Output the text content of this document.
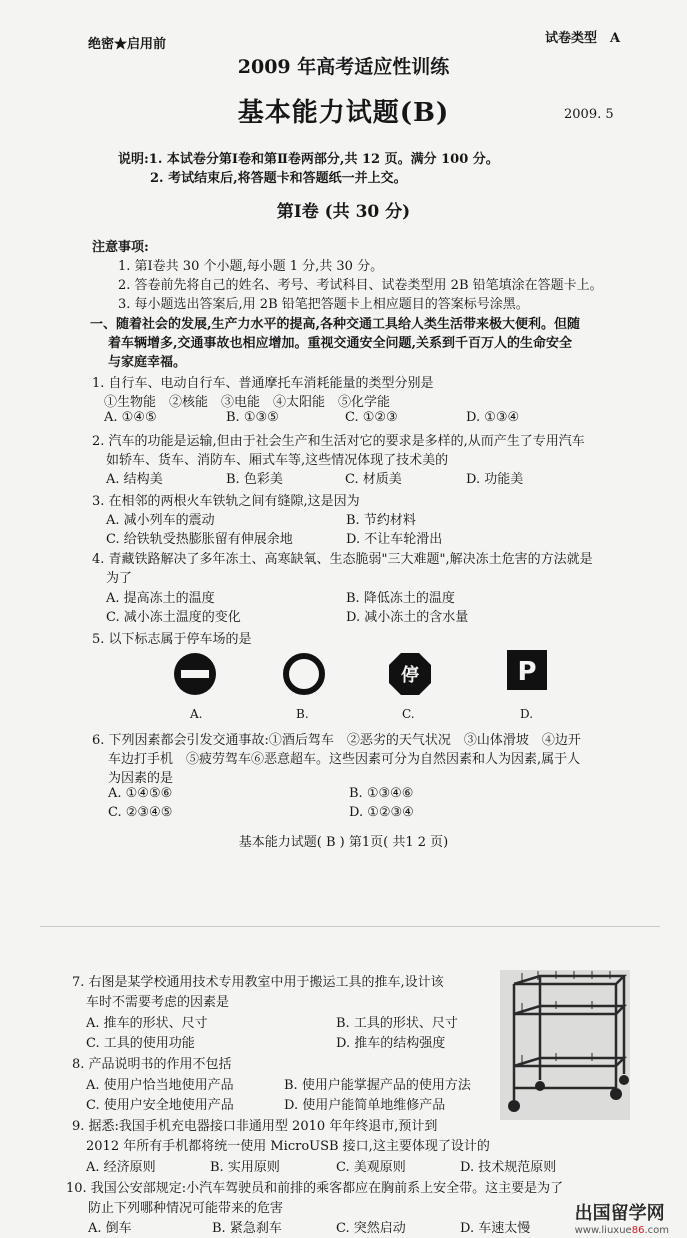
绝密★启用前	试卷类型　A
2009 年高考适应性训练
基本能力试题(B)	2009. 5
说明:1. 本试卷分第Ⅰ卷和第Ⅱ卷两部分,共 12 页。满分 100 分。
2. 考试结束后,将答题卡和答题纸一并上交。
第Ⅰ卷 (共 30 分)
注意事项:
1. 第Ⅰ卷共 30 个小题,每小题 1 分,共 30 分。
2. 答卷前先将自己的姓名、考号、考试科目、试卷类型用 2B 铅笔填涂在答题卡上。
3. 每小题选出答案后,用 2B 铅笔把答题卡上相应题目的答案标号涂黑。
一、随着社会的发展,生产力水平的提高,各种交通工具给人类生活带来极大便利。但随
着车辆增多,交通事故也相应增加。重视交通安全问题,关系到千百万人的生命安全
与家庭幸福。
1. 自行车、电动自行车、普通摩托车消耗能量的类型分别是
①生物能　②核能　③电能　④太阳能　⑤化学能
A. ①④⑤	B. ①③⑤	C. ①②③	D. ①③④
2. 汽车的功能是运输,但由于社会生产和生活对它的要求是多样的,从而产生了专用汽车
如轿车、货车、消防车、厢式车等,这些情况体现了技术美的
A. 结构美	B. 色彩美	C. 材质美	D. 功能美
3. 在相邻的两根火车铁轨之间有缝隙,这是因为
A. 减小列车的震动	B. 节约材料
C. 给铁轨受热膨胀留有伸展余地	D. 不让车轮滑出
4. 青藏铁路解决了多年冻土、高寒缺氧、生态脆弱"三大难题",解决冻土危害的方法就是
为了
A. 提高冻土的温度	B. 降低冻土的温度
C. 减小冻土温度的变化	D. 减小冻土的含水量
5. 以下标志属于停车场的是
停	P
A.	B.	C.	D.
6. 下列因素都会引发交通事故:①酒后驾车　②恶劣的天气状况　③山体滑坡　④边开
车边打手机　⑤疲劳驾车⑥恶意超车。这些因素可分为自然因素和人为因素,属于人
为因素的是
A. ①④⑤⑥	B. ①③④⑥
C. ②③④⑤	D. ①②③④
基本能力试题( B ) 第1页( 共1 2 页)
7. 右图是某学校通用技术专用教室中用于搬运工具的推车,设计该
车时不需要考虑的因素是
A. 推车的形状、尺寸	B. 工具的形状、尺寸
C. 工具的使用功能	D. 推车的结构强度
8. 产品说明书的作用不包括
A. 使用户恰当地使用产品	B. 使用户能掌握产品的使用方法
C. 使用户安全地使用产品	D. 使用户能简单地维修产品
9. 据悉:我国手机充电器接口非通用型 2010 年年终退市,预计到
2012 年所有手机都将统一使用 MicroUSB 接口,这主要体现了设计的
A. 经济原则	B. 实用原则	C. 美观原则	D. 技术规范原则
10. 我国公安部规定:小汽车驾驶员和前排的乘客都应在胸前系上安全带。这主要是为了
防止下列哪种情况可能带来的危害
A. 倒车	B. 紧急刹车	C. 突然启动	D. 车速太慢
出国留学网
www.liuxue86.com
